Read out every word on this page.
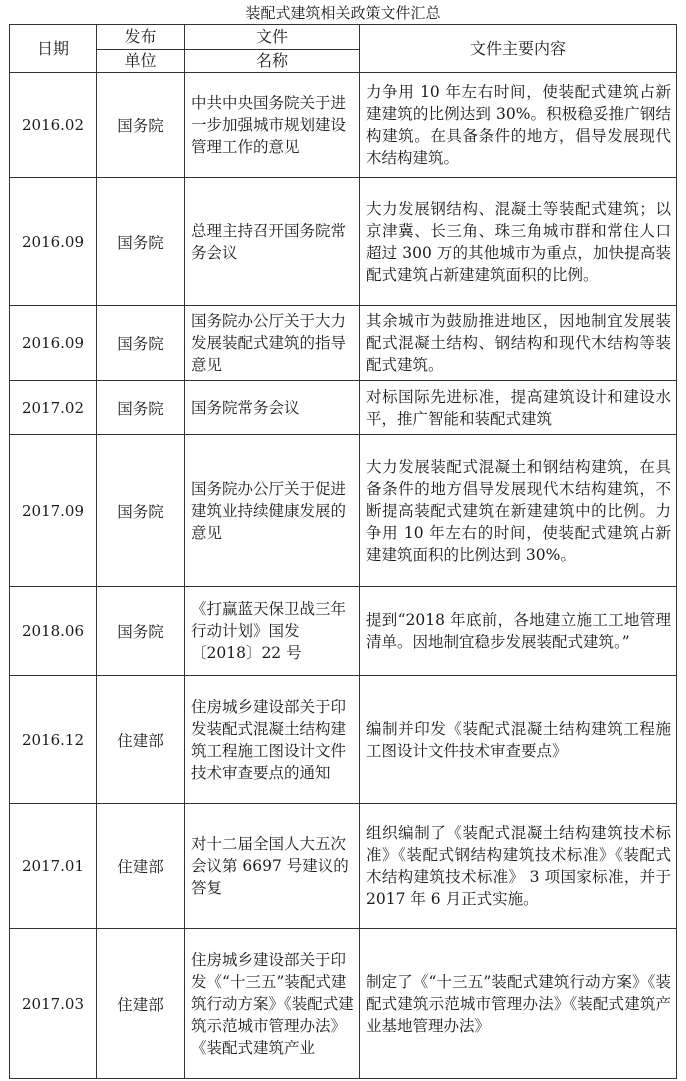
装配式建筑相关政策文件汇总
日期	发布	文件	文件主要内容
	单位	名称	
2016.02	国务院	中共中央国务院关于进一步加强城市规划建设管理工作的意见	力争用 10 年左右时间，使装配式建筑占新建建筑的比例达到 30%。积极稳妥推广钢结构建筑。在具备条件的地方，倡导发展现代木结构建筑。

2016.09	国务院	总理主持召开国务院常务会议	大力发展钢结构、混凝土等装配式建筑；以京津冀、长三角、珠三角城市群和常住人口超过 300 万的其他城市为重点，加快提高装配式建筑占新建建筑面积的比例。

2016.09	国务院	国务院办公厅关于大力发展装配式建筑的指导意见	其余城市为鼓励推进地区，因地制宜发展装配式混凝土结构、钢结构和现代木结构等装配式建筑。

2017.02	国务院	国务院常务会议	对标国际先进标准，提高建筑设计和建设水平，推广智能和装配式建筑

2017.09	国务院	国务院办公厅关于促进建筑业持续健康发展的意见	大力发展装配式混凝土和钢结构建筑，在具备条件的地方倡导发展现代木结构建筑，不断提高装配式建筑在新建建筑中的比例。力争用 10 年左右的时间，使装配式建筑占新建建筑面积的比例达到 30%。

2018.06	国务院	《打赢蓝天保卫战三年行动计划》国发〔2018〕22 号	提到“2018 年底前，各地建立施工工地管理清单。因地制宜稳步发展装配式建筑。”

2016.12	住建部	住房城乡建设部关于印发装配式混凝土结构建筑工程施工图设计文件技术审查要点的通知	编制并印发《装配式混凝土结构建筑工程施工图设计文件技术审查要点》

2017.01	住建部	对十二届全国人大五次会议第 6697 号建议的答复	组织编制了《装配式混凝土结构建筑技术标准》《装配式钢结构建筑技术标准》《装配式木结构建筑技术标准》 3 项国家标准，并于 2017 年 6 月正式实施。

2017.03	住建部	住房城乡建设部关于印发《“十三五”装配式建筑行动方案》《装配式建筑示范城市管理办法》《装配式建筑产业	制定了《“十三五”装配式建筑行动方案》《装配式建筑示范城市管理办法》《装配式建筑产业基地管理办法》
